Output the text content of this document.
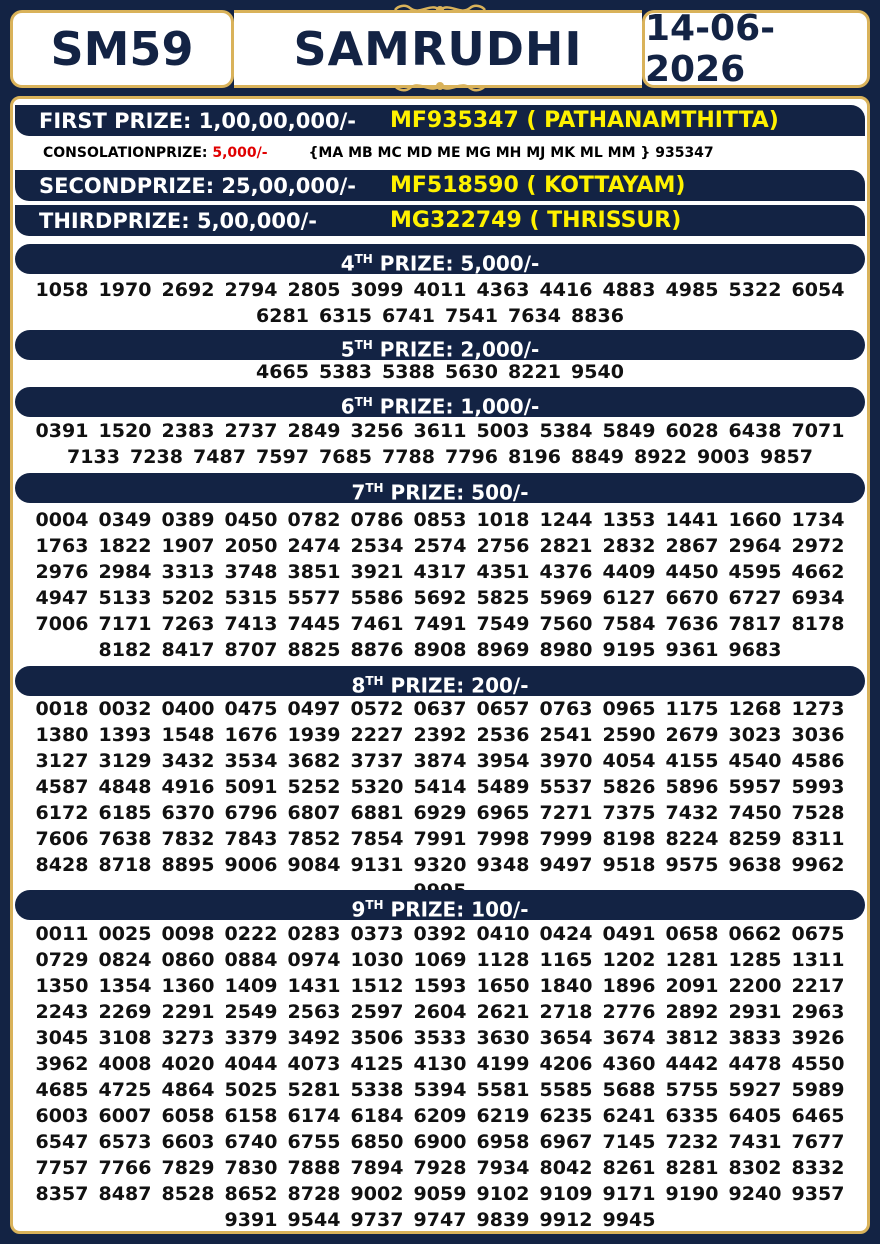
SM59 SAMRUDHI 14-06-2026
FIRST PRIZE: 1,00,00,000/- MF935347 ( PATHANAMTHITTA)
CONSOLATIONPRIZE: 5,000/-	{MA MB MC MD ME MG MH MJ MK ML MM } 935347
SECONDPRIZE: 25,00,000/- MF518590 ( KOTTAYAM)
THIRDPRIZE: 5,00,000/-	MG322749 ( THRISSUR)
4TH PRIZE: 5,000/-
1058 1970 2692 2794 2805 3099 4011 4363 4416 4883 4985 5322 6054
6281 6315 6741 7541 7634 8836
5TH PRIZE: 2,000/-
4665 5383 5388 5630 8221 9540
6TH PRIZE: 1,000/-
0391 1520 2383 2737 2849 3256 3611 5003 5384 5849 6028 6438 7071
7133 7238 7487 7597 7685 7788 7796 8196 8849 8922 9003 9857
7TH PRIZE: 500/-
0004 0349 0389 0450 0782 0786 0853 1018 1244 1353 1441 1660 1734
1763 1822 1907 2050 2474 2534 2574 2756 2821 2832 2867 2964 2972
2976 2984 3313 3748 3851 3921 4317 4351 4376 4409 4450 4595 4662
4947 5133 5202 5315 5577 5586 5692 5825 5969 6127 6670 6727 6934
7006 7171 7263 7413 7445 7461 7491 7549 7560 7584 7636 7817 8178
8182 8417 8707 8825 8876 8908 8969 8980 9195 9361 9683
8TH PRIZE: 200/-
0018 0032 0400 0475 0497 0572 0637 0657 0763 0965 1175 1268 1273
1380 1393 1548 1676 1939 2227 2392 2536 2541 2590 2679 3023 3036
3127 3129 3432 3534 3682 3737 3874 3954 3970 4054 4155 4540 4586
4587 4848 4916 5091 5252 5320 5414 5489 5537 5826 5896 5957 5993
6172 6185 6370 6796 6807 6881 6929 6965 7271 7375 7432 7450 7528
7606 7638 7832 7843 7852 7854 7991 7998 7999 8198 8224 8259 8311
8428 8718 8895 9006 9084 9131 9320 9348 9497 9518 9575 9638 9962
9TH PRIZE: 100/-
0011 0025 0098 0222 0283 0373 0392 0410 0424 0491 0658 0662 0675
0729 0824 0860 0884 0974 1030 1069 1128 1165 1202 1281 1285 1311
1350 1354 1360 1409 1431 1512 1593 1650 1840 1896 2091 2200 2217
2243 2269 2291 2549 2563 2597 2604 2621 2718 2776 2892 2931 2963
3045 3108 3273 3379 3492 3506 3533 3630 3654 3674 3812 3833 3926
3962 4008 4020 4044 4073 4125 4130 4199 4206 4360 4442 4478 4550
4685 4725 4864 5025 5281 5338 5394 5581 5585 5688 5755 5927 5989
6003 6007 6058 6158 6174 6184 6209 6219 6235 6241 6335 6405 6465
6547 6573 6603 6740 6755 6850 6900 6958 6967 7145 7232 7431 7677
7757 7766 7829 7830 7888 7894 7928 7934 8042 8261 8281 8302 8332
8357 8487 8528 8652 8728 9002 9059 9102 9109 9171 9190 9240 9357
9391 9544 9737 9747 9839 9912 9945
